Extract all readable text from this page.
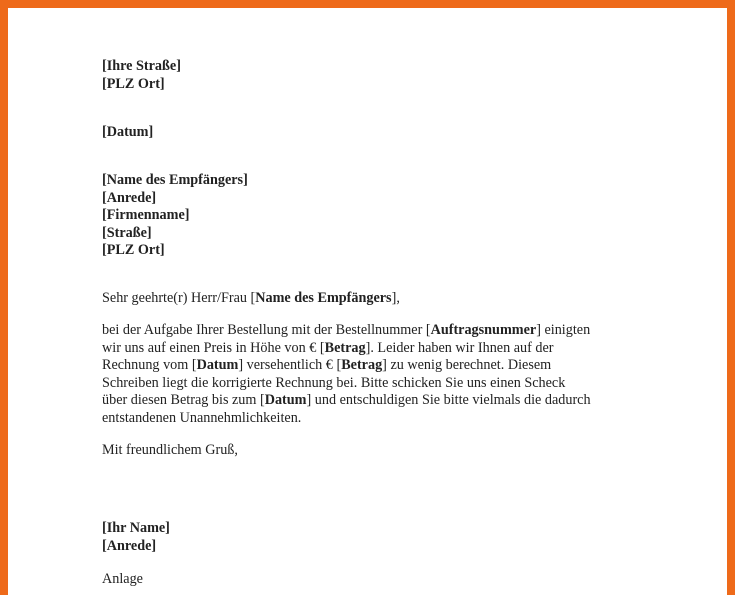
[Ihre Straße]
[PLZ Ort]
[Datum]
[Name des Empfängers]
[Anrede]
[Firmenname]
[Straße]
[PLZ Ort]
Sehr geehrte(r) Herr/Frau [Name des Empfängers],
bei der Aufgabe Ihrer Bestellung mit der Bestellnummer [Auftragsnummer] einigten
wir uns auf einen Preis in Höhe von € [Betrag]. Leider haben wir Ihnen auf der
Rechnung vom [Datum] versehentlich € [Betrag] zu wenig berechnet. Diesem
Schreiben liegt die korrigierte Rechnung bei. Bitte schicken Sie uns einen Scheck
über diesen Betrag bis zum [Datum] und entschuldigen Sie bitte vielmals die dadurch
entstandenen Unannehmlichkeiten.
Mit freundlichem Gruß,
[Ihr Name]
[Anrede]
Anlage
